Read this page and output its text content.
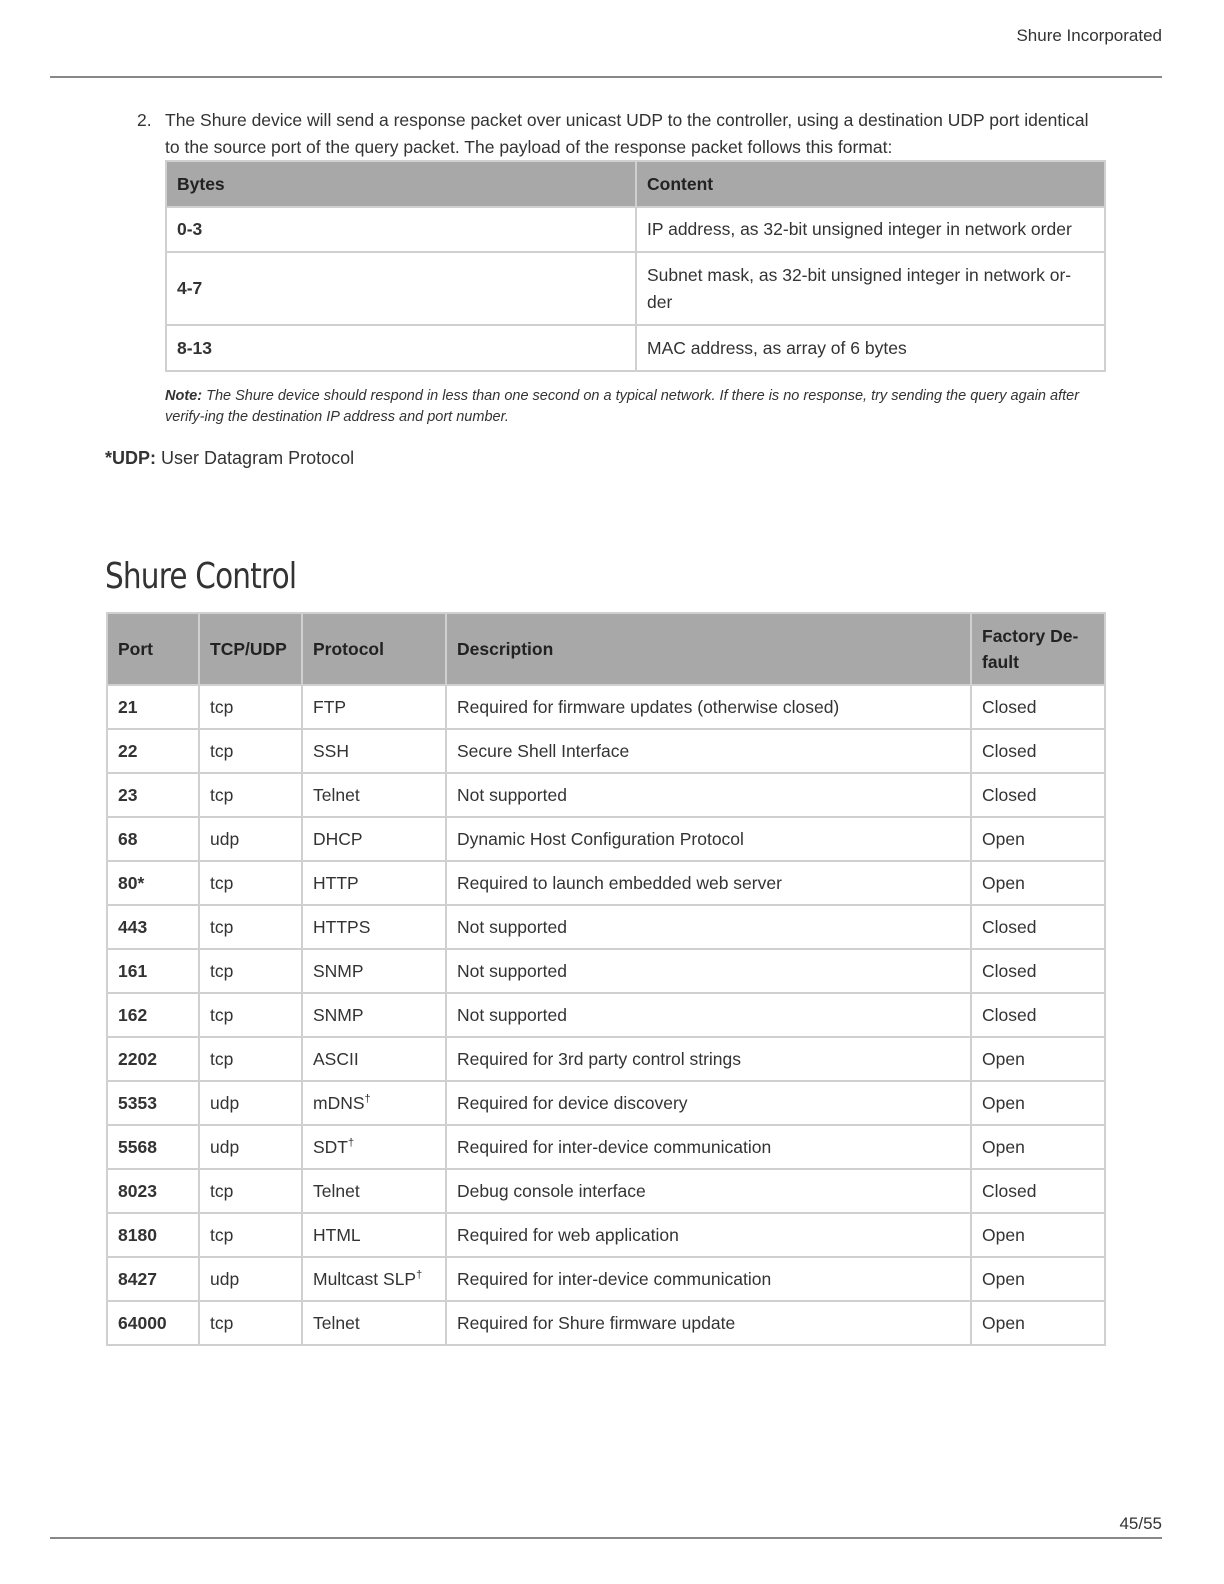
Shure Incorporated
2. The Shure device will send a response packet over unicast UDP to the controller, using a destination UDP port identical to the source port of the query packet. The payload of the response packet follows this format:
Bytes	Content
0-3	IP address, as 32-bit unsigned integer in network order
4-7	Subnet mask, as 32-bit unsigned integer in network or-der
8-13	MAC address, as array of 6 bytes
Note: The Shure device should respond in less than one second on a typical network. If there is no response, try sending the query again after verify-ing the destination IP address and port number.
*UDP: User Datagram Protocol
Shure Control
Port	TCP/UDP	Protocol	Description	Factory De-fault
21	tcp	FTP	Required for firmware updates (otherwise closed)	Closed
22	tcp	SSH	Secure Shell Interface	Closed
23	tcp	Telnet	Not supported	Closed
68	udp	DHCP	Dynamic Host Configuration Protocol	Open
80*	tcp	HTTP	Required to launch embedded web server	Open
443	tcp	HTTPS	Not supported	Closed
161	tcp	SNMP	Not supported	Closed
162	tcp	SNMP	Not supported	Closed
2202	tcp	ASCII	Required for 3rd party control strings	Open
5353	udp	mDNS†	Required for device discovery	Open
5568	udp	SDT†	Required for inter-device communication	Open
8023	tcp	Telnet	Debug console interface	Closed
8180	tcp	HTML	Required for web application	Open
8427	udp	Multcast SLP†	Required for inter-device communication	Open
64000	tcp	Telnet	Required for Shure firmware update	Open
45/55
